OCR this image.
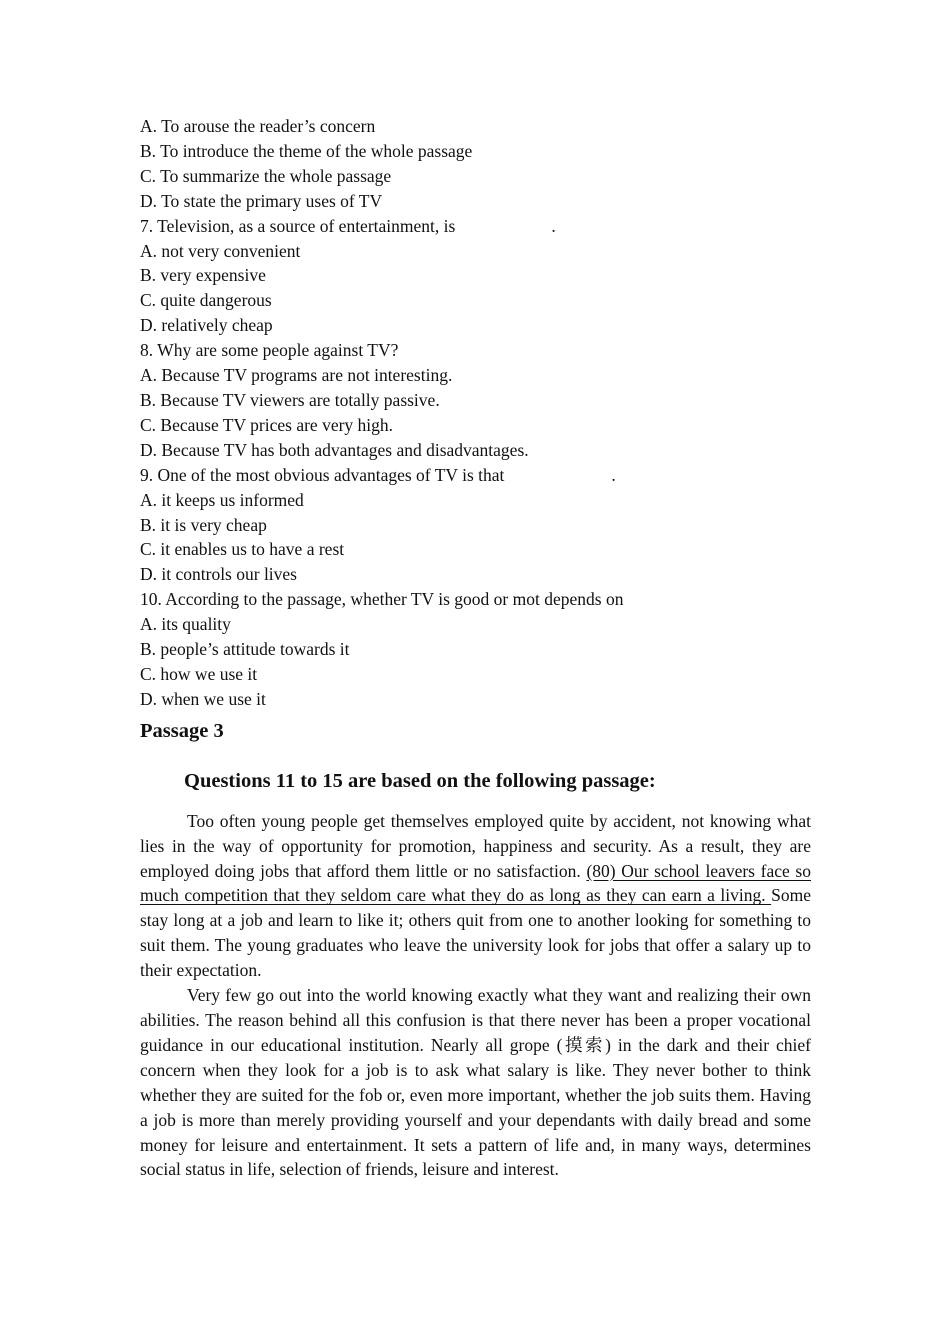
A. To arouse the reader’s concern
B. To introduce the theme of the whole passage
C. To summarize the whole passage
D. To state the primary uses of TV
7. Television, as a source of entertainment, is	.
A. not very convenient
B. very expensive
C. quite dangerous
D. relatively cheap
8. Why are some people against TV?
A. Because TV programs are not interesting.
B. Because TV viewers are totally passive.
C. Because TV prices are very high.
D. Because TV has both advantages and disadvantages.
9. One of the most obvious advantages of TV is that	.
A. it keeps us informed
B. it is very cheap
C. it enables us to have a rest
D. it controls our lives
10. According to the passage, whether TV is good or mot depends on
A. its quality
B. people’s attitude towards it
C. how we use it
D. when we use it
Passage 3
Questions 11 to 15 are based on the following passage:

Too often young people get themselves employed quite by accident, not knowing what lies in the way of opportunity for promotion, happiness and security. As a result, they are employed doing jobs that afford them little or no satisfaction. (80) Our school leavers face so much competition that they seldom care what they do as long as they can earn a living. Some stay long at a job and learn to like it; others quit from one to another looking for something to suit them. The young graduates who leave the university look for jobs that offer a salary up to their expectation.

Very few go out into the world knowing exactly what they want and realizing their own abilities. The reason behind all this confusion is that there never has been a proper vocational guidance in our educational institution. Nearly all grope (摸索) in the dark and their chief concern when they look for a job is to ask what salary is like. They never bother to think whether they are suited for the fob or, even more important, whether the job suits them. Having a job is more than merely providing yourself and your dependants with daily bread and some money for leisure and entertainment. It sets a pattern of life and, in many ways, determines social status in life, selection of friends, leisure and interest.
